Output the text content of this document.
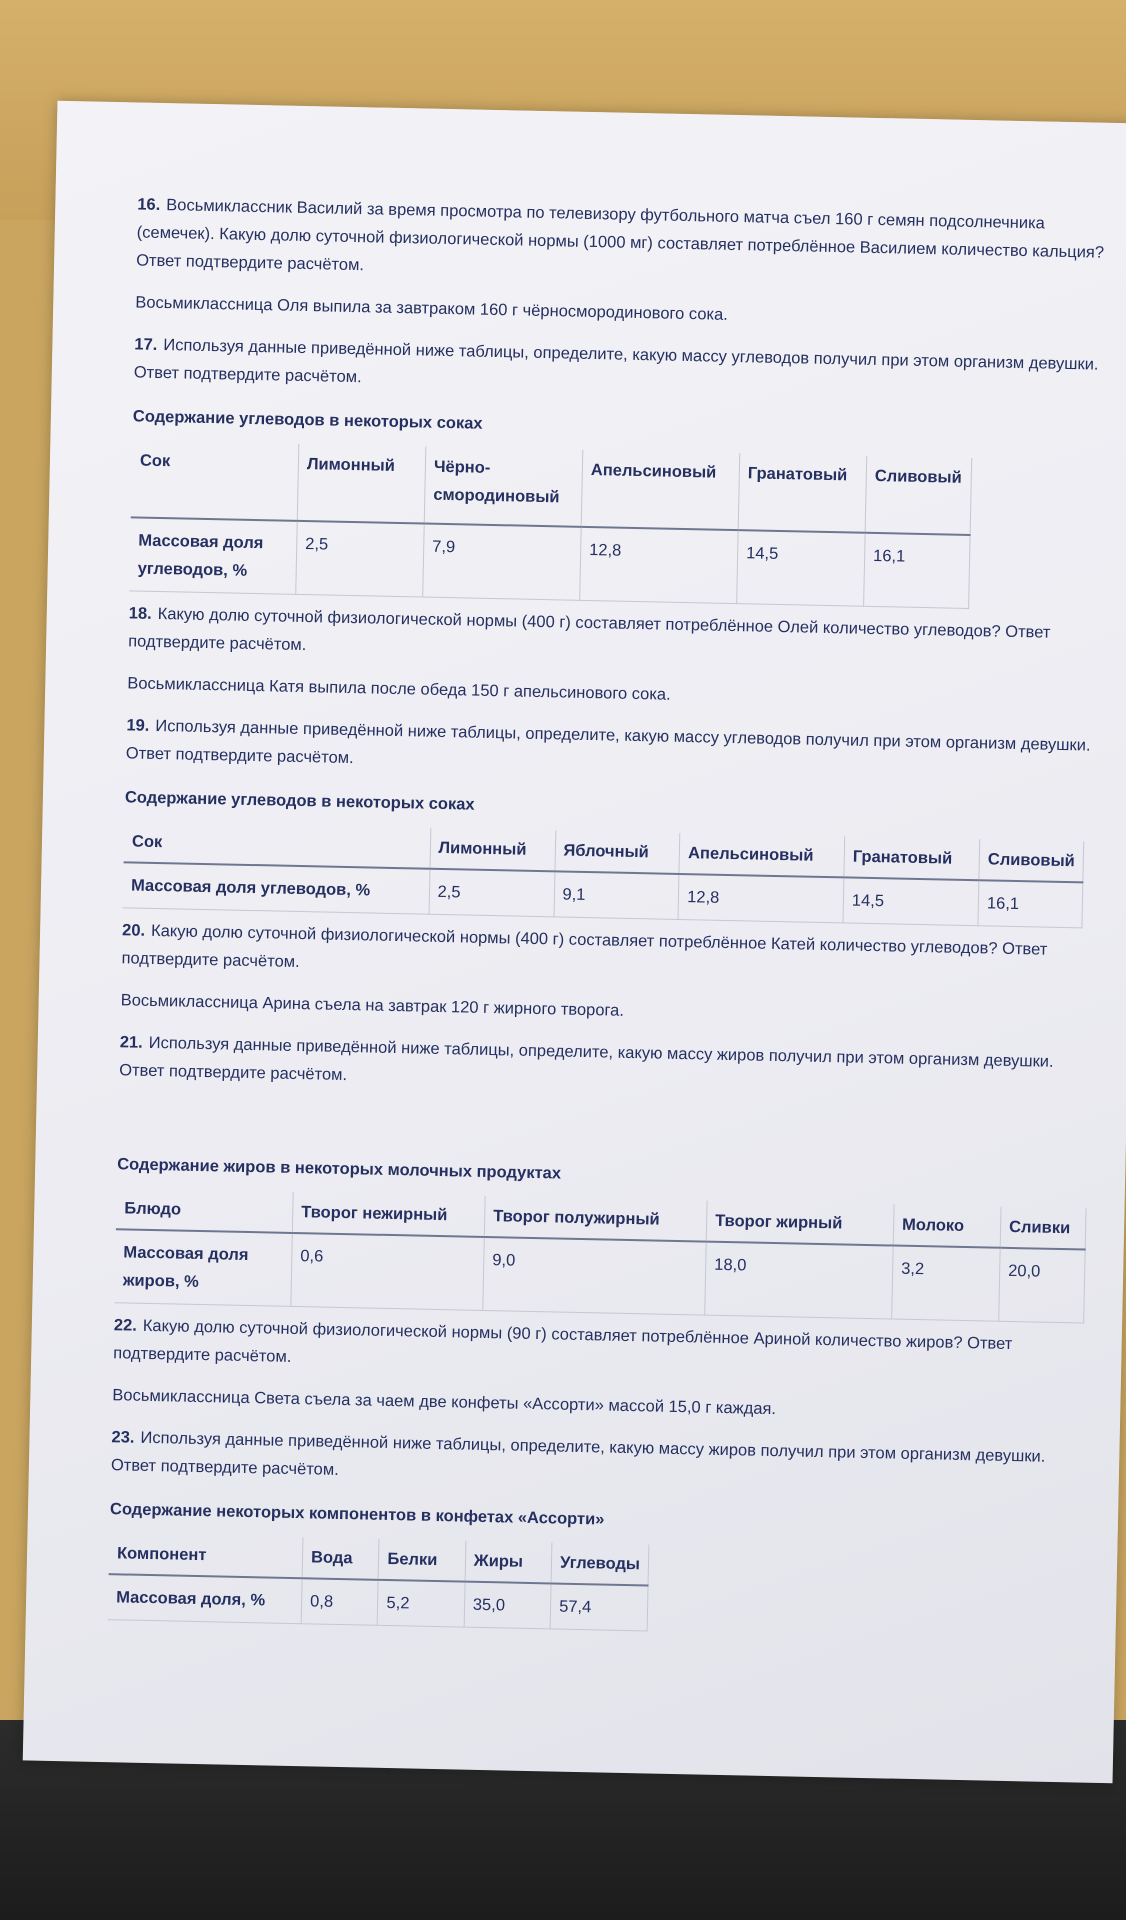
16. Восьмиклассник Василий за время просмотра по телевизору футбольного матча съел 160 г семян подсолнечника (семечек). Какую долю суточной физиологической нормы (1000 мг) составляет потреблённое Василием количество кальция? Ответ подтвердите расчётом.

Восьмиклассница Оля выпила за завтраком 160 г чёрносмородинового сока.

17. Используя данные приведённой ниже таблицы, определите, какую массу углеводов получил при этом организм девушки. Ответ подтвердите расчётом.

Содержание углеводов в некоторых соках
Сок	Лимонный	Чёрно-смородиновый	Апельсиновый	Гранатовый	Сливовый
Массовая доля углеводов, %	2,5	7,9	12,8	14,5	16,1

18. Какую долю суточной физиологической нормы (400 г) составляет потреблённое Олей количество углеводов? Ответ подтвердите расчётом.

Восьмиклассница Катя выпила после обеда 150 г апельсинового сока.

19. Используя данные приведённой ниже таблицы, определите, какую массу углеводов получил при этом организм девушки. Ответ подтвердите расчётом.

Содержание углеводов в некоторых соках
Сок	Лимонный	Яблочный	Апельсиновый	Гранатовый	Сливовый
Массовая доля углеводов, %	2,5	9,1	12,8	14,5	16,1

20. Какую долю суточной физиологической нормы (400 г) составляет потреблённое Катей количество углеводов? Ответ подтвердите расчётом.

Восьмиклассница Арина съела на завтрак 120 г жирного творога.

21. Используя данные приведённой ниже таблицы, определите, какую массу жиров получил при этом организм девушки. Ответ подтвердите расчётом.

Содержание жиров в некоторых молочных продуктах
Блюдо	Творог нежирный	Творог полужирный	Творог жирный	Молоко	Сливки
Массовая доля жиров, %	0,6	9,0	18,0	3,2	20,0

22. Какую долю суточной физиологической нормы (90 г) составляет потреблённое Ариной количество жиров? Ответ подтвердите расчётом.

Восьмиклассница Света съела за чаем две конфеты «Ассорти» массой 15,0 г каждая.

23. Используя данные приведённой ниже таблицы, определите, какую массу жиров получил при этом организм девушки. Ответ подтвердите расчётом.

Содержание некоторых компонентов в конфетах «Ассорти»
Компонент	Вода	Белки	Жиры	Углеводы
Массовая доля, %	0,8	5,2	35,0	57,4
